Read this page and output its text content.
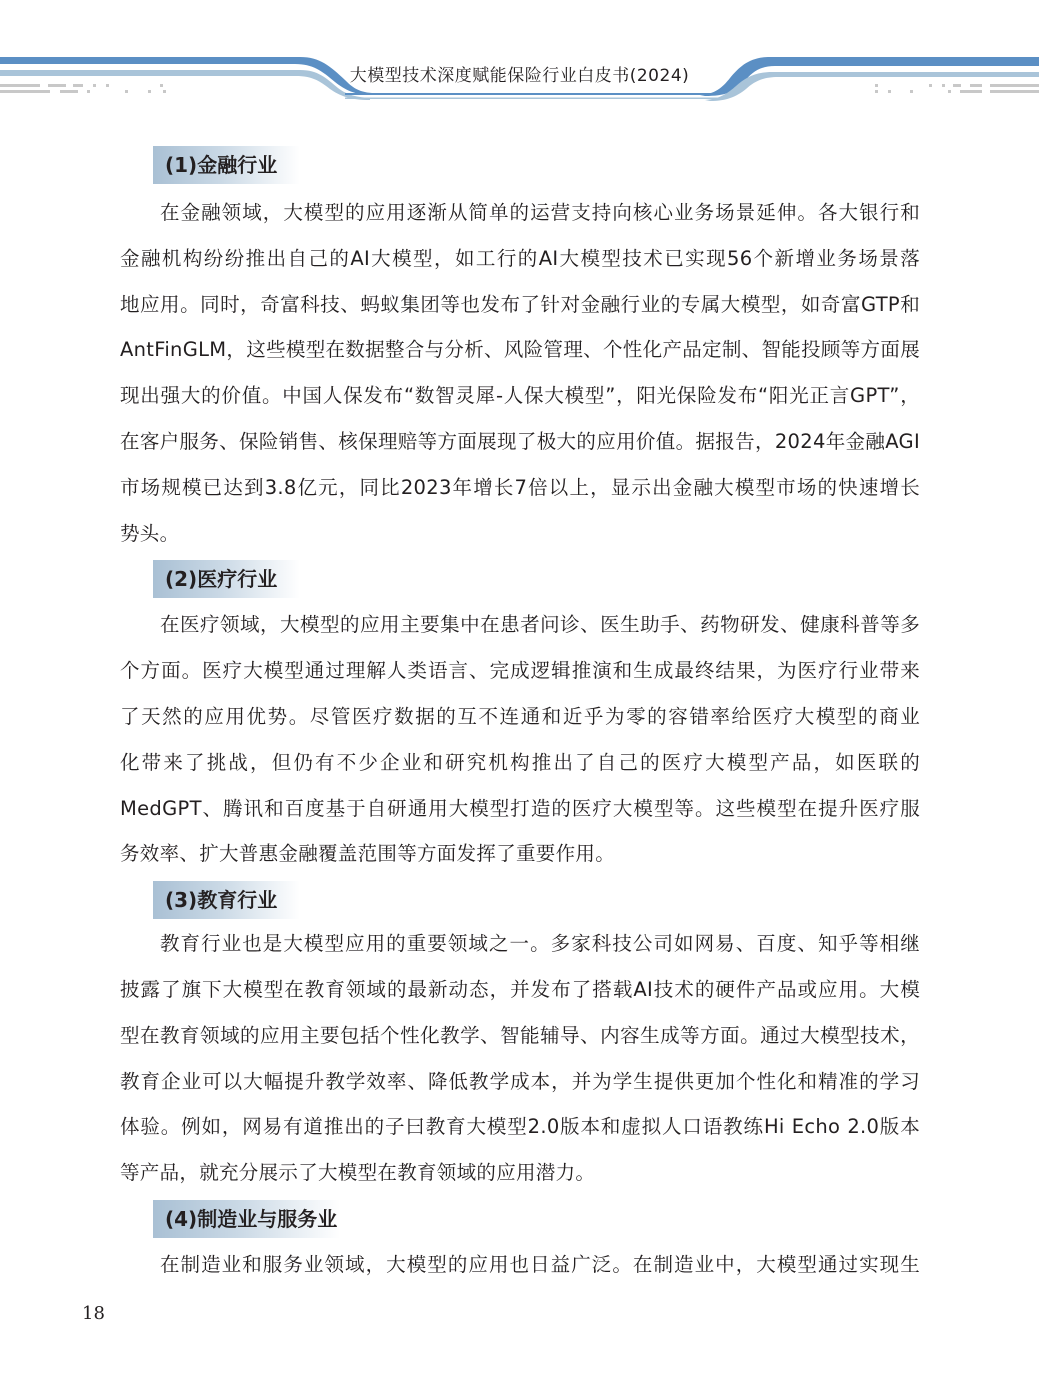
大模型技术深度赋能保险行业白皮书(2024)
(1)金融行业

在金融领域，大模型的应用逐渐从简单的运营支持向核心业务场景延伸。各大银行和
金融机构纷纷推出自己的AI大模型，如工行的AI大模型技术已实现56个新增业务场景落
地应用。同时，奇富科技、蚂蚁集团等也发布了针对金融行业的专属大模型，如奇富GTP和
AntFinGLM，这些模型在数据整合与分析、风险管理、个性化产品定制、智能投顾等方面展
现出强大的价值。中国人保发布“数智灵犀-人保大模型”，阳光保险发布“阳光正言GPT”，
在客户服务、保险销售、核保理赔等方面展现了极大的应用价值。据报告，2024年金融AGI
市场规模已达到3.8亿元，同比2023年增长7倍以上，显示出金融大模型市场的快速增长
势头。

(2)医疗行业

在医疗领域，大模型的应用主要集中在患者问诊、医生助手、药物研发、健康科普等多
个方面。医疗大模型通过理解人类语言、完成逻辑推演和生成最终结果，为医疗行业带来
了天然的应用优势。尽管医疗数据的互不连通和近乎为零的容错率给医疗大模型的商业
化带来了挑战，但仍有不少企业和研究机构推出了自己的医疗大模型产品，如医联的
MedGPT、腾讯和百度基于自研通用大模型打造的医疗大模型等。这些模型在提升医疗服
务效率、扩大普惠金融覆盖范围等方面发挥了重要作用。

(3)教育行业

教育行业也是大模型应用的重要领域之一。多家科技公司如网易、百度、知乎等相继
披露了旗下大模型在教育领域的最新动态，并发布了搭载AI技术的硬件产品或应用。大模
型在教育领域的应用主要包括个性化教学、智能辅导、内容生成等方面。通过大模型技术，
教育企业可以大幅提升教学效率、降低教学成本，并为学生提供更加个性化和精准的学习
体验。例如，网易有道推出的子曰教育大模型2.0版本和虚拟人口语教练Hi Echo 2.0版本
等产品，就充分展示了大模型在教育领域的应用潜力。

(4)制造业与服务业

在制造业和服务业领域，大模型的应用也日益广泛。在制造业中，大模型通过实现生

18
